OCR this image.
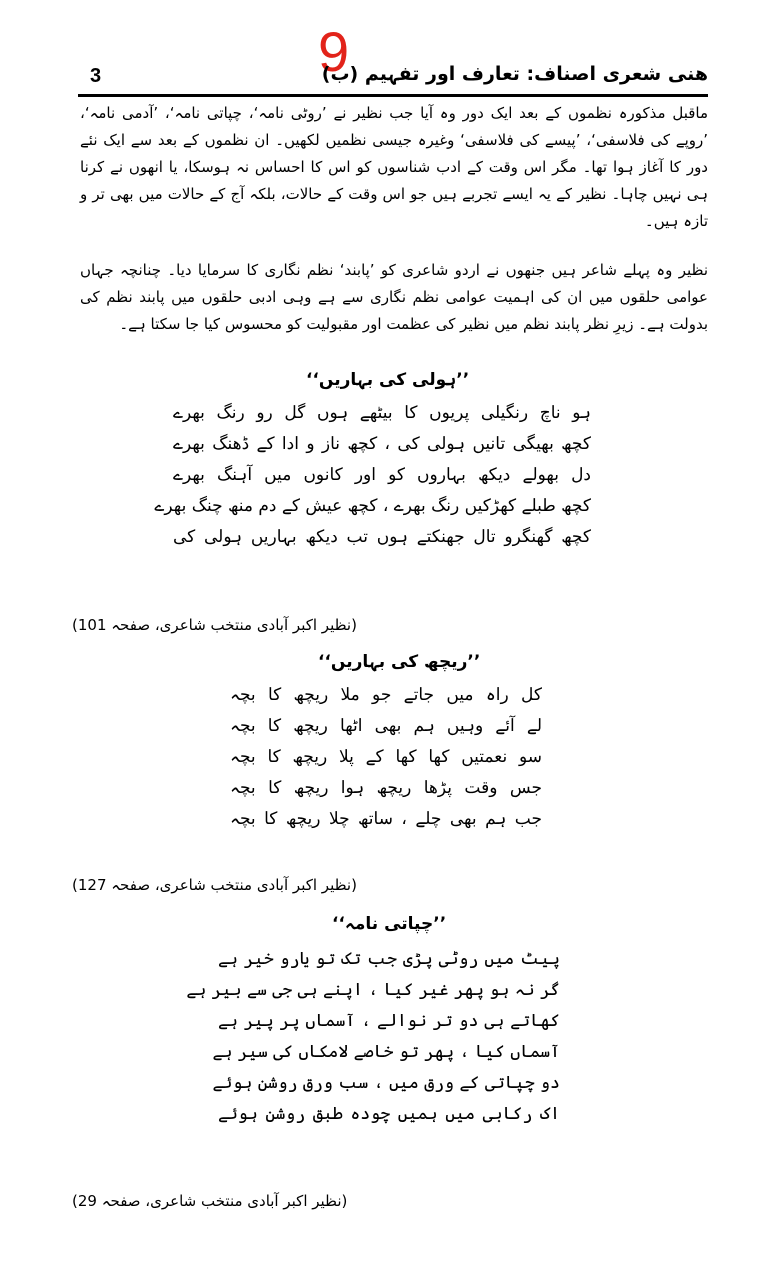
3	9
هنی شعری اصناف: تعارف اور تفہیم (ب)

ماقبل مذکورہ نظموں کے بعد ایک دور وہ آیا جب نظیر نے ’روٹی نامہ‘، چپاتی نامہ‘، ’آدمی نامہ‘، ’روپے کی فلاسفی‘، ’پیسے کی فلاسفی‘ وغیرہ جیسی نظمیں لکھیں۔ ان نظموں کے بعد سے ایک نئے دور کا آغاز ہوا تھا۔ مگر اس وقت کے ادب شناسوں کو اس کا احساس نہ ہوسکا، یا انھوں نے کرنا ہی نہیں چاہا۔ نظیر کے یہ ایسے تجربے ہیں جو اس وقت کے حالات، بلکہ آج کے حالات میں بھی تر و تازہ ہیں۔

نظیر وہ پہلے شاعر ہیں جنھوں نے اردو شاعری کو ’پابند‘ نظم نگاری کا سرمایا دیا۔ چنانچہ جہاں عوامی حلقوں میں ان کی اہمیت عوامی نظم نگاری سے ہے وہی ادبی حلقوں میں پابند نظم کی بدولت ہے۔ زیرِ نظر پابند نظم میں نظیر کی عظمت اور مقبولیت کو محسوس کیا جا سکتا ہے۔

’’ہولی کی بہاریں‘‘
ہو ناچ رنگیلی پریوں کا بیٹھے ہوں گل رو رنگ بھرے
کچھ بھیگی تانیں ہولی کی ، کچھ ناز و ادا کے ڈھنگ بھرے
دل بھولے دیکھ بہاروں کو اور کانوں میں آہنگ بھرے
کچھ طبلے کھڑکیں رنگ بھرے ، کچھ عیش کے دم منھ چنگ بھرے
کچھ گھنگرو تال جھنکتے ہوں تب دیکھ بہاریں ہولی کی
(نظیر اکبر آبادی منتخب شاعری، صفحہ 101)
’’ریچھ کی بہاریں‘‘
کل راہ میں جاتے جو ملا ریچھ کا بچہ
لے آئے وہیں ہم بھی اٹھا ریچھ کا بچہ
سو نعمتیں کھا کھا کے پلا ریچھ کا بچہ
جس وقت پڑھا ریچھ ہوا ریچھ کا بچہ
جب ہم بھی چلے ، ساتھ چلا ریچھ کا بچہ
(نظیر اکبر آبادی منتخب شاعری، صفحہ 127)
’’چپاتی نامہ‘‘
پیٹ میں روٹی پڑی جب تک تو یارو خیر ہے
گر نہ ہو پھر غیر کیا ، اپنے ہی جی سے بیر ہے
کھاتے ہی دو تر نوالے ، آسماں پر پیر ہے
آسماں کیا ، پھر تو خاصے لامکاں کی سیر ہے
دو چپاتی کے ورق میں ، سب ورق روشن ہوئے
اک رکابی میں ہمیں چودہ طبق روشن ہوئے
(نظیر اکبر آبادی منتخب شاعری، صفحہ 29)
